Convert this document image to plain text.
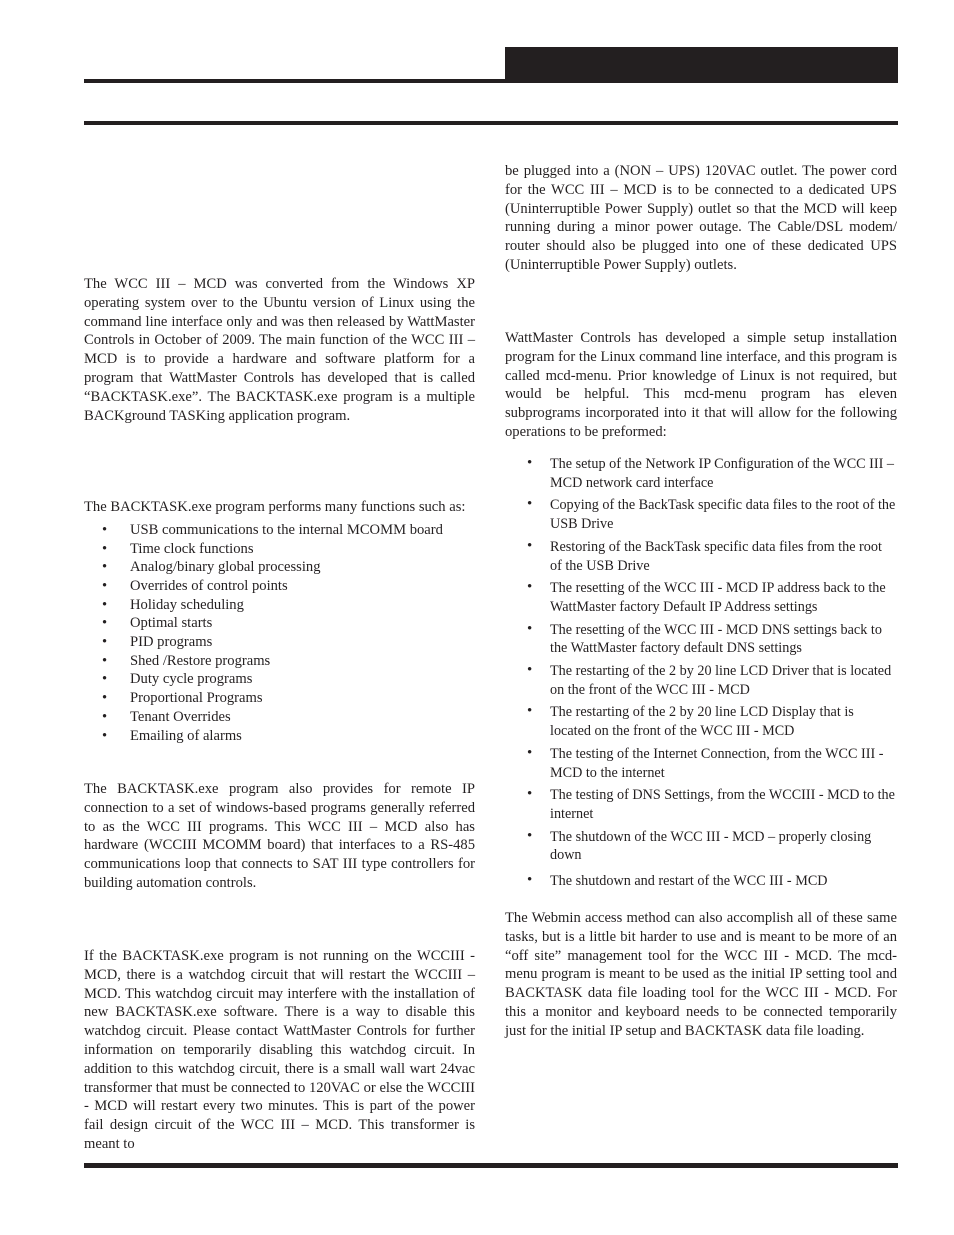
The WCC III – MCD was converted from the Windows XP operating system over to the Ubuntu version of Linux using the command line interface only and was then released by WattMaster Controls in October of 2009. The main function of the WCC III – MCD is to provide a hardware and software platform for a program that WattMaster Controls has developed that is called “BACKTASK.exe”. The BACKTASK.exe program is a multiple BACKground TASKing application program.

The BACKTASK.exe program performs many functions such as:

• USB communications to the internal MCOMM board
• Time clock functions
• Analog/binary global processing
• Overrides of control points
• Holiday scheduling
• Optimal starts
• PID programs
• Shed /Restore programs
• Duty cycle programs
• Proportional Programs
• Tenant Overrides
• Emailing of alarms

The BACKTASK.exe program also provides for remote IP connection to a set of windows-based programs generally referred to as the WCC III programs. This WCC III – MCD also has hardware (WCCIII MCOMM board) that interfaces to a RS-485 communications loop that connects to SAT III type controllers for building automation controls.

If the BACKTASK.exe program is not running on the WCCIII - MCD, there is a watchdog circuit that will restart the WCCIII – MCD. This watchdog circuit may interfere with the installation of new BACKTASK.exe software. There is a way to disable this watchdog circuit. Please contact WattMaster Controls for further information on temporarily disabling this watchdog circuit. In addition to this watchdog circuit, there is a small wall wart 24vac transformer that must be connected to 120VAC or else the WCCIII - MCD will restart every two minutes. This is part of the power fail design circuit of the WCC III – MCD. This transformer is meant to

be plugged into a (NON – UPS) 120VAC outlet. The power cord for the WCC III – MCD is to be connected to a dedicated UPS (Uninterruptible Power Supply) outlet so that the MCD will keep running during a minor power outage. The Cable/DSL modem/ router should also be plugged into one of these dedicated UPS (Uninterruptible Power Supply) outlets.

WattMaster Controls has developed a simple setup installation program for the Linux command line interface, and this program is called mcd-menu. Prior knowledge of Linux is not required, but would be helpful. This mcd-menu program has eleven subprograms incorporated into it that will allow for the following operations to be preformed:

• The setup of the Network IP Configuration of the WCC III – MCD network card interface
• Copying of the BackTask specific data files to the root of the USB Drive
• Restoring of the BackTask specific data files from the root of the USB Drive
• The resetting of the WCC III - MCD IP address back to the WattMaster factory Default IP Address settings
• The resetting of the WCC III - MCD DNS settings back to the WattMaster factory default DNS settings
• The restarting of the 2 by 20 line LCD Driver that is located on the front of the WCC III - MCD
• The restarting of the 2 by 20 line LCD Display that is located on the front of the WCC III - MCD
• The testing of the Internet Connection, from the WCC III - MCD to the internet
• The testing of DNS Settings, from the WCCIII - MCD to the internet
• The shutdown of the WCC III - MCD – properly closing down
• The shutdown and restart of the WCC III - MCD

The Webmin access method can also accomplish all of these same tasks, but is a little bit harder to use and is meant to be more of an “off site” management tool for the WCC III - MCD. The mcd-menu program is meant to be used as the initial IP setting tool and BACKTASK data file loading tool for the WCC III - MCD. For this a monitor and keyboard needs to be connected temporarily just for the initial IP setup and BACKTASK data file loading.
